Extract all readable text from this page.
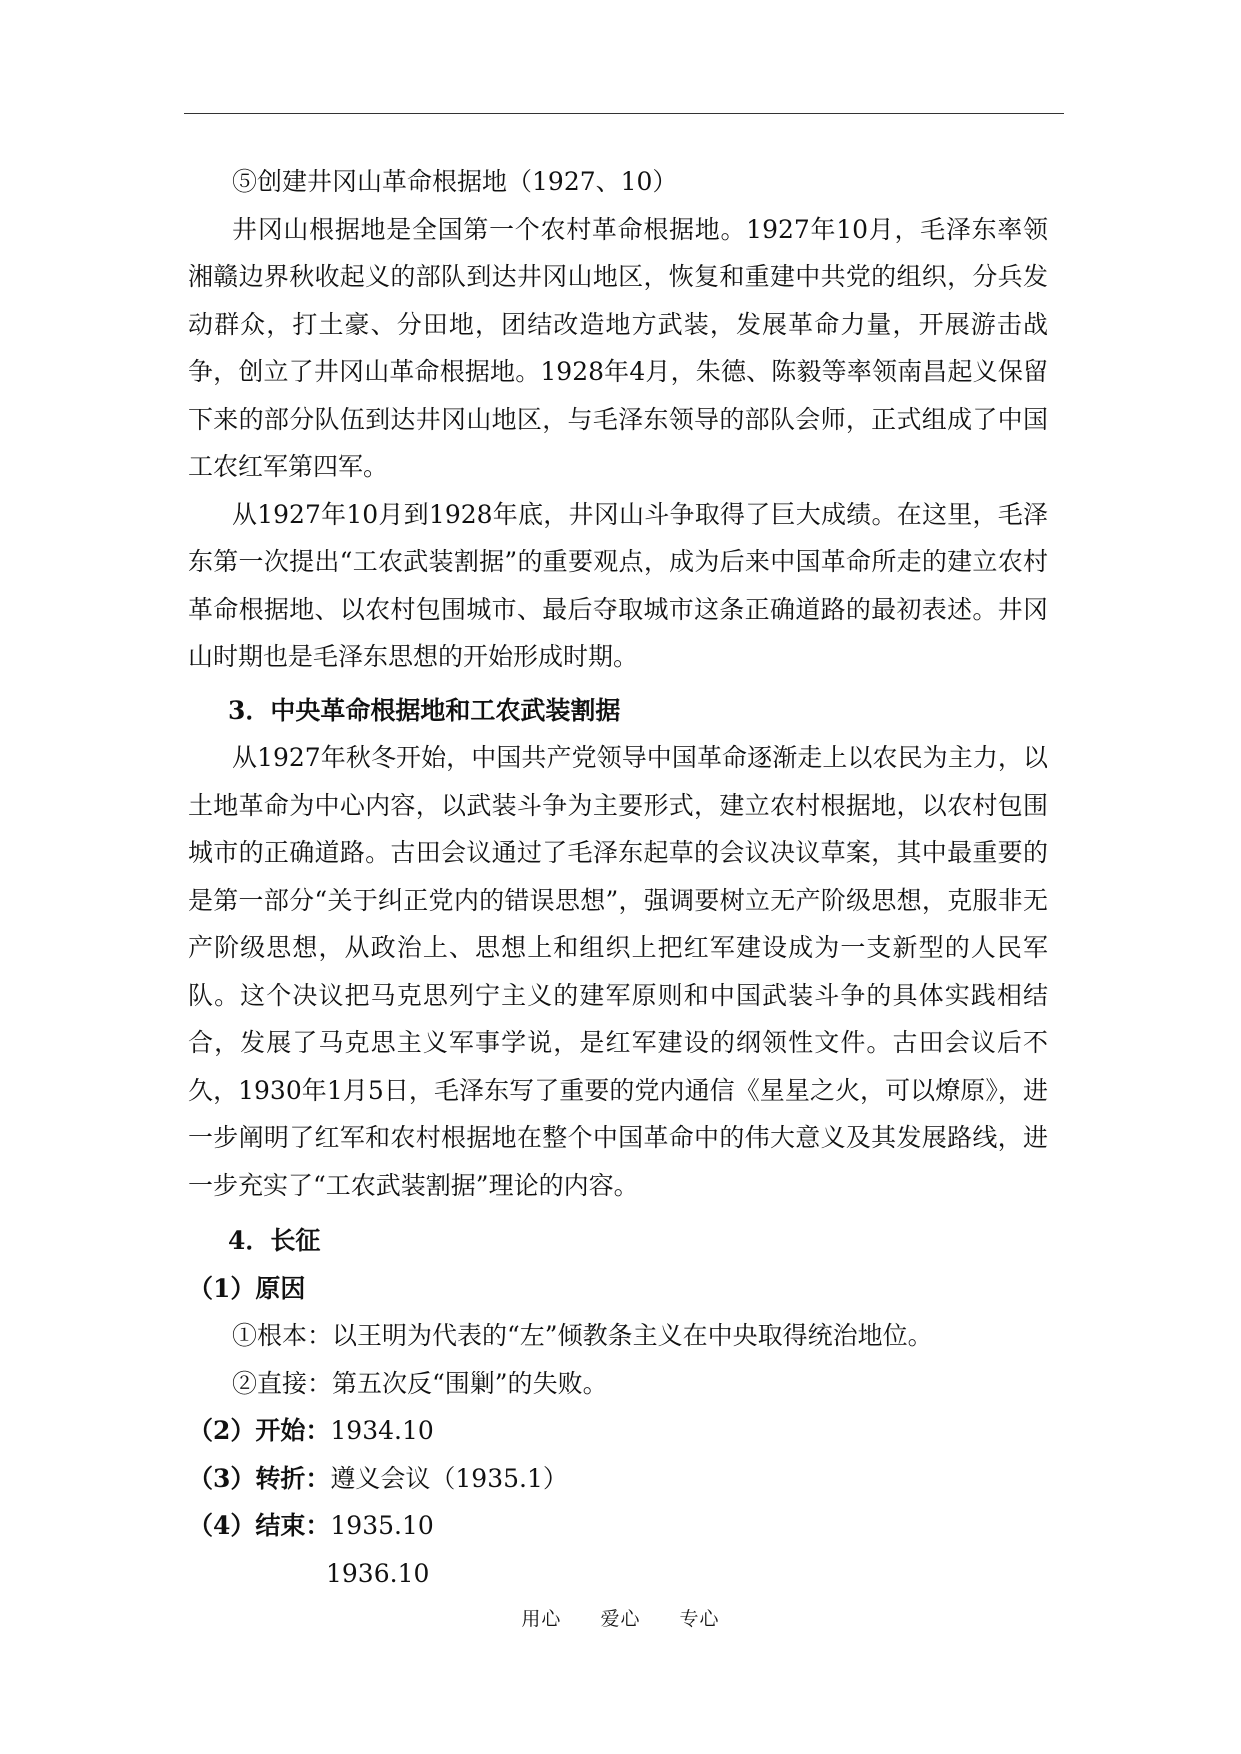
⑤创建井冈山革命根据地（1927、10）

井冈山根据地是全国第一个农村革命根据地。1927年10月，毛泽东率领湘赣边界秋收起义的部队到达井冈山地区，恢复和重建中共党的组织，分兵发动群众，打土豪、分田地，团结改造地方武装，发展革命力量，开展游击战争，创立了井冈山革命根据地。1928年4月，朱德、陈毅等率领南昌起义保留下来的部分队伍到达井冈山地区，与毛泽东领导的部队会师，正式组成了中国工农红军第四军。

从1927年10月到1928年底，井冈山斗争取得了巨大成绩。在这里，毛泽东第一次提出“工农武装割据”的重要观点，成为后来中国革命所走的建立农村革命根据地、以农村包围城市、最后夺取城市这条正确道路的最初表述。井冈山时期也是毛泽东思想的开始形成时期。

3．中央革命根据地和工农武装割据

从1927年秋冬开始，中国共产党领导中国革命逐渐走上以农民为主力，以土地革命为中心内容，以武装斗争为主要形式，建立农村根据地，以农村包围城市的正确道路。古田会议通过了毛泽东起草的会议决议草案，其中最重要的是第一部分“关于纠正党内的错误思想”，强调要树立无产阶级思想，克服非无产阶级思想，从政治上、思想上和组织上把红军建设成为一支新型的人民军队。这个决议把马克思列宁主义的建军原则和中国武装斗争的具体实践相结合，发展了马克思主义军事学说，是红军建设的纲领性文件。古田会议后不久，1930年1月5日，毛泽东写了重要的党内通信《星星之火，可以燎原》，进一步阐明了红军和农村根据地在整个中国革命中的伟大意义及其发展路线，进一步充实了“工农武装割据”理论的内容。

4．长征

（1）原因

①根本：以王明为代表的“左”倾教条主义在中央取得统治地位。

②直接：第五次反“围剿”的失败。

（2）开始：1934.10

（3）转折：遵义会议（1935.1）

（4）结束：1935.10

1936.10

用心 爱心 专心
